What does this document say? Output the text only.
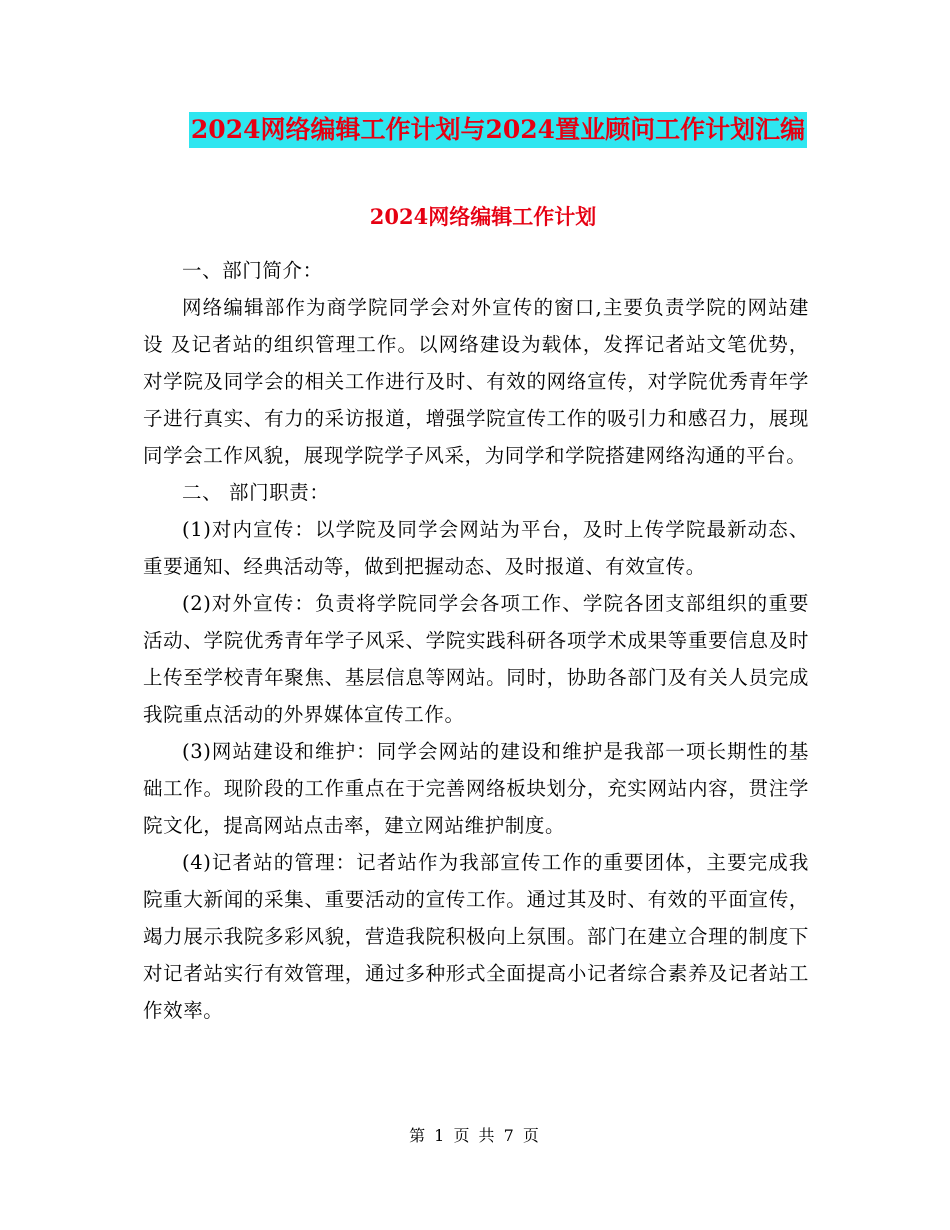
2024网络编辑工作计划与2024置业顾问工作计划汇编
2024网络编辑工作计划

一、部门简介：

网络编辑部作为商学院同学会对外宣传的窗口,主要负责学院的网站建设 及记者站的组织管理工作。以网络建设为载体，发挥记者站文笔优势，对学院及同学会的相关工作进行及时、有效的网络宣传，对学院优秀青年学子进行真实、有力的采访报道，增强学院宣传工作的吸引力和感召力，展现同学会工作风貌，展现学院学子风采，为同学和学院搭建网络沟通的平台。

二、 部门职责：

(1)对内宣传：以学院及同学会网站为平台，及时上传学院最新动态、重要通知、经典活动等，做到把握动态、及时报道、有效宣传。

(2)对外宣传：负责将学院同学会各项工作、学院各团支部组织的重要活动、学院优秀青年学子风采、学院实践科研各项学术成果等重要信息及时上传至学校青年聚焦、基层信息等网站。同时，协助各部门及有关人员完成我院重点活动的外界媒体宣传工作。

(3)网站建设和维护：同学会网站的建设和维护是我部一项长期性的基础工作。现阶段的工作重点在于完善网络板块划分，充实网站内容，贯注学院文化，提高网站点击率，建立网站维护制度。

(4)记者站的管理：记者站作为我部宣传工作的重要团体，主要完成我院重大新闻的采集、重要活动的宣传工作。通过其及时、有效的平面宣传，竭力展示我院多彩风貌，营造我院积极向上氛围。部门在建立合理的制度下对记者站实行有效管理，通过多种形式全面提高小记者综合素养及记者站工作效率。

第 1 页 共 7 页
